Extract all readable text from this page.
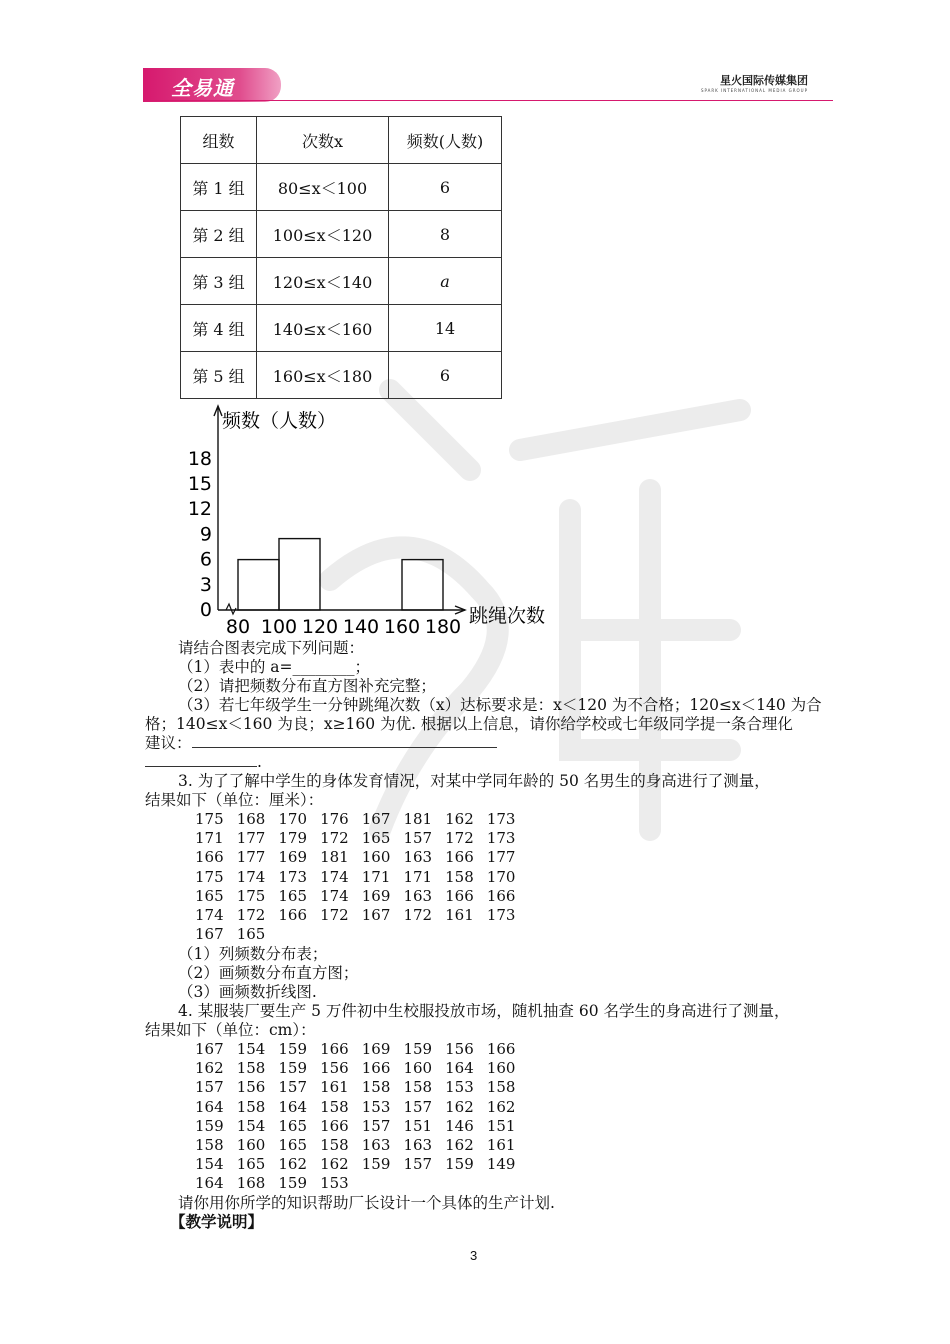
全易通	星火国际传媒集团
SPARK INTERNATIONAL MEDIA GROUP
组数	次数x	频数(人数)
第 1 组	80≤x＜100	6
第 2 组	100≤x＜120	8
第 3 组	120≤x＜140	a
第 4 组	140≤x＜160	14
第 5 组	160≤x＜180	6
0
3
6
9
12
15
18
80 100 120 140 160 180
频数（人数）
跳绳次数
请结合图表完成下列问题：
（1）表中的 a=________；
（2）请把频数分布直方图补充完整；
（3）若七年级学生一分钟跳绳次数（x）达标要求是：x＜120 为不合格；120≤x＜140 为合
格；140≤x＜160 为良；x≥160 为优. 根据以上信息，请你给学校或七年级同学提一条合理化
建议：
.
3. 为了了解中学生的身体发育情况，对某中学同年龄的 50 名男生的身高进行了测量，
结果如下（单位：厘米）：
175 168 170 176 167 181 162 173
171 177 179 172 165 157 172 173
166 177 169 181 160 163 166 177
175 174 173 174 171 171 158 170
165 175 165 174 169 163 166 166
174 172 166 172 167 172 161 173
167 165
（1）列频数分布表；
（2）画频数分布直方图；
（3）画频数折线图.
4. 某服装厂要生产 5 万件初中生校服投放市场，随机抽查 60 名学生的身高进行了测量，
结果如下（单位：cm）：
167 154 159 166 169 159 156 166
162 158 159 156 166 160 164 160
157 156 157 161 158 158 153 158
164 158 164 158 153 157 162 162
159 154 165 166 157 151 146 151
158 160 165 158 163 163 162 161
154 165 162 162 159 157 159 149
164 168 159 153
请你用你所学的知识帮助厂长设计一个具体的生产计划.
【教学说明】
3
